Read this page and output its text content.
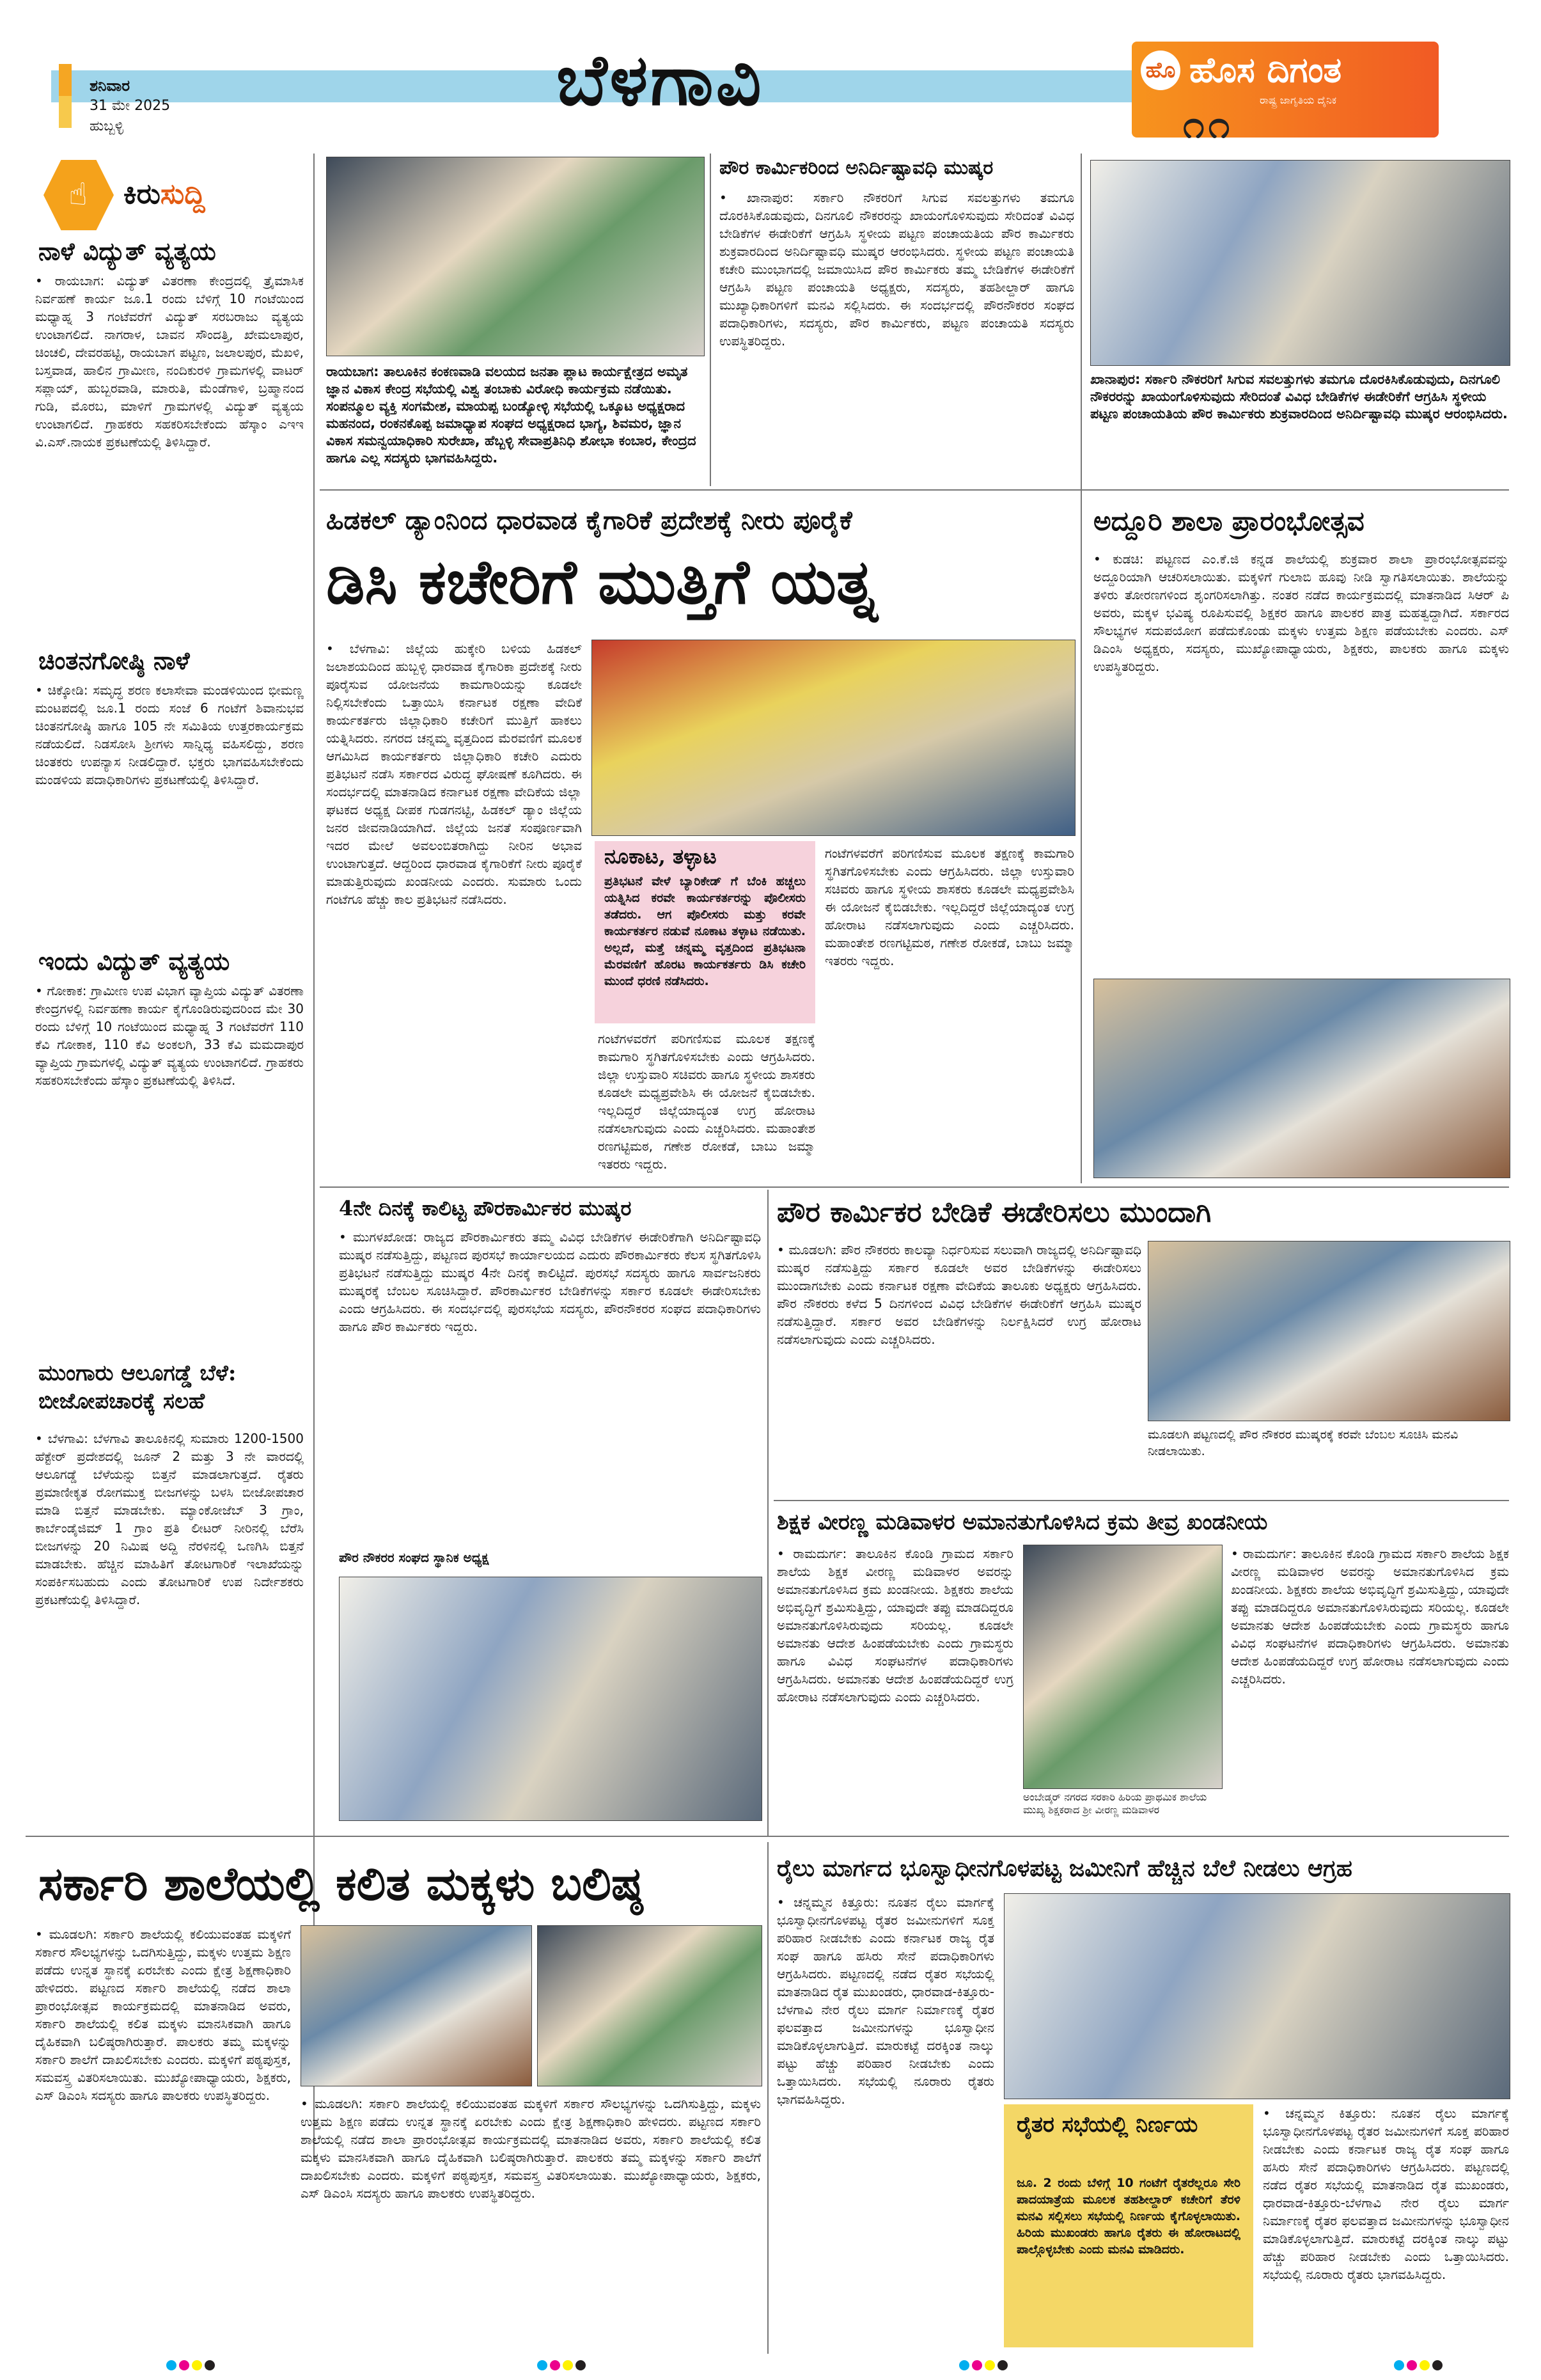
ಶನಿವಾರ
31 ಮೇ 2025
ಹುಬ್ಬಳ್ಳಿ
ಬೆಳಗಾವಿ	ಹೊ ಹೊಸ ದಿಗಂತ
ರಾಷ್ಟ್ರ ಜಾಗೃತಿಯ ದೈನಿಕ
೧೧
☝	ಕಿರುಸುದ್ದಿ
ನಾಳೆ ವಿದ್ಯುತ್ ವ್ಯತ್ಯಯ
• ರಾಯಬಾಗ: ವಿದ್ಯುತ್ ವಿತರಣಾ ಕೇಂದ್ರದಲ್ಲಿ ತ್ರೈಮಾಸಿಕ ನಿರ್ವಹಣೆ ಕಾರ್ಯ ಜೂ.1 ರಂದು ಬೆಳಿಗ್ಗೆ 10 ಗಂಟೆಯಿಂದ ಮಧ್ಯಾಹ್ನ 3 ಗಂಟೆವರೆಗೆ ವಿದ್ಯುತ್ ಸರಬರಾಜು ವ್ಯತ್ಯಯ ಉಂಟಾಗಲಿದೆ. ನಾಗರಾಳ, ಬಾವನ ಸೌಂದತ್ತಿ, ಖೇಮಲಾಪುರ, ಚಿಂಚಲಿ, ದೇವರಹಟ್ಟಿ, ರಾಯಬಾಗ ಪಟ್ಟಣ, ಜಲಾಲಪುರ, ಮೆಖಳಿ, ಬಸ್ತವಾಡ, ಹಾಲಿನ ಗ್ರಾಮೀಣ, ನಂದಿಕುರಳಿ ಗ್ರಾಮಗಳಲ್ಲಿ ವಾಟರ್ ಸಪ್ಲಾಯ್, ಹುಬ್ಬರವಾಡಿ, ಮಾರುತಿ, ಮೆಂಡೆಗಾಳಿ, ಬ್ರಹ್ಮಾನಂದ ಗುಡಿ, ಮೊರಬ, ಮಾಳಿಗೆ ಗ್ರಾಮಗಳಲ್ಲಿ ವಿದ್ಯುತ್ ವ್ಯತ್ಯಯ ಉಂಟಾಗಲಿದೆ. ಗ್ರಾಹಕರು ಸಹಕರಿಸಬೇಕೆಂದು ಹೆಸ್ಕಾಂ ಎಇಇ ವಿ.ಎಸ್.ನಾಯಕ ಪ್ರಕಟಣೆಯಲ್ಲಿ ತಿಳಿಸಿದ್ದಾರೆ.
ಚಿಂತನಗೋಷ್ಠಿ ನಾಳೆ
• ಚಿಕ್ಕೋಡಿ: ಸಮೃದ್ಧ ಶರಣ ಕಲಾಸೇವಾ ಮಂಡಳಿಯಿಂದ ಭೀಮಣ್ಣ ಮಂಟಪದಲ್ಲಿ ಜೂ.1 ರಂದು ಸಂಜೆ 6 ಗಂಟೆಗೆ ಶಿವಾನುಭವ ಚಿಂತನಗೋಷ್ಠಿ ಹಾಗೂ 105 ನೇ ಸಮಿತಿಯ ಉತ್ತರಕಾರ್ಯಕ್ರಮ ನಡೆಯಲಿದೆ. ನಿಡಸೋಸಿ ಶ್ರೀಗಳು ಸಾನ್ನಿಧ್ಯ ವಹಿಸಲಿದ್ದು, ಶರಣ ಚಿಂತಕರು ಉಪನ್ಯಾಸ ನೀಡಲಿದ್ದಾರೆ. ಭಕ್ತರು ಭಾಗವಹಿಸಬೇಕೆಂದು ಮಂಡಳಿಯ ಪದಾಧಿಕಾರಿಗಳು ಪ್ರಕಟಣೆಯಲ್ಲಿ ತಿಳಿಸಿದ್ದಾರೆ.
ಇಂದು ವಿದ್ಯುತ್ ವ್ಯತ್ಯಯ
• ಗೋಕಾಕ: ಗ್ರಾಮೀಣ ಉಪ ವಿಭಾಗ ವ್ಯಾಪ್ತಿಯ ವಿದ್ಯುತ್ ವಿತರಣಾ ಕೇಂದ್ರಗಳಲ್ಲಿ ನಿರ್ವಹಣಾ ಕಾರ್ಯ ಕೈಗೊಂಡಿರುವುದರಿಂದ ಮೇ 30 ರಂದು ಬೆಳಿಗ್ಗೆ 10 ಗಂಟೆಯಿಂದ ಮಧ್ಯಾಹ್ನ 3 ಗಂಟೆವರೆಗೆ 110 ಕೆವಿ ಗೋಕಾಕ, 110 ಕೆವಿ ಅಂಕಲಗಿ, 33 ಕೆವಿ ಮಮದಾಪುರ ವ್ಯಾಪ್ತಿಯ ಗ್ರಾಮಗಳಲ್ಲಿ ವಿದ್ಯುತ್ ವ್ಯತ್ಯಯ ಉಂಟಾಗಲಿದೆ. ಗ್ರಾಹಕರು ಸಹಕರಿಸಬೇಕೆಂದು ಹೆಸ್ಕಾಂ ಪ್ರಕಟಣೆಯಲ್ಲಿ ತಿಳಿಸಿದೆ.
ಮುಂಗಾರು ಆಲೂಗಡ್ಡೆ ಬೆಳೆ: ಬೀಜೋಪಚಾರಕ್ಕೆ ಸಲಹೆ
• ಬೆಳಗಾವಿ: ಬೆಳಗಾವಿ ತಾಲೂಕಿನಲ್ಲಿ ಸುಮಾರು 1200-1500 ಹೆಕ್ಟೇರ್ ಪ್ರದೇಶದಲ್ಲಿ ಜೂನ್ 2 ಮತ್ತು 3 ನೇ ವಾರದಲ್ಲಿ ಆಲೂಗಡ್ಡೆ ಬೆಳೆಯನ್ನು ಬಿತ್ತನೆ ಮಾಡಲಾಗುತ್ತದೆ. ರೈತರು ಪ್ರಮಾಣೀಕೃತ ರೋಗಮುಕ್ತ ಬೀಜಗಳನ್ನು ಬಳಸಿ ಬೀಜೋಪಚಾರ ಮಾಡಿ ಬಿತ್ತನೆ ಮಾಡಬೇಕು. ಮ್ಯಾಂಕೋಜೆಬ್ 3 ಗ್ರಾಂ, ಕಾರ್ಬೆಂಡೈಜಿಮ್ 1 ಗ್ರಾಂ ಪ್ರತಿ ಲೀಟರ್ ನೀರಿನಲ್ಲಿ ಬೆರೆಸಿ ಬೀಜಗಳನ್ನು 20 ನಿಮಿಷ ಅದ್ದಿ ನೆರಳಿನಲ್ಲಿ ಒಣಗಿಸಿ ಬಿತ್ತನೆ ಮಾಡಬೇಕು. ಹೆಚ್ಚಿನ ಮಾಹಿತಿಗೆ ತೋಟಗಾರಿಕೆ ಇಲಾಖೆಯನ್ನು ಸಂಪರ್ಕಿಸಬಹುದು ಎಂದು ತೋಟಗಾರಿಕೆ ಉಪ ನಿರ್ದೇಶಕರು ಪ್ರಕಟಣೆಯಲ್ಲಿ ತಿಳಿಸಿದ್ದಾರೆ.
ರಾಯಬಾಗ: ತಾಲೂಕಿನ ಕಂಕಣವಾಡಿ ವಲಯದ ಜನತಾ ಪ್ಲಾಟ ಕಾರ್ಯಕ್ಷೇತ್ರದ ಅಮೃತ ಜ್ಞಾನ ವಿಕಾಸ ಕೇಂದ್ರ ಸಭೆಯಲ್ಲಿ ವಿಶ್ವ ತಂಬಾಕು ವಿರೋಧಿ ಕಾರ್ಯಕ್ರಮ ನಡೆಯಿತು. ಸಂಪನ್ಮೂಲ ವ್ಯಕ್ತಿ ಸಂಗಮೇಶ, ಮಾಯಪ್ಪ ಬಂಡ್ಯೋಳ್ಳಿ ಸಭೆಯಲ್ಲಿ ಒಕ್ಕೂಟ ಅಧ್ಯಕ್ಷರಾದ ಮಹನಂದ, ರಂಕನಕೊಪ್ಪ ಜಮಾಧ್ಯಾಪ ಸಂಘದ ಅಧ್ಯಕ್ಷರಾದ ಭಾಗ್ಯ, ಶಿವಮರ, ಜ್ಞಾನ ವಿಕಾಸ ಸಮನ್ವಯಾಧಿಕಾರಿ ಸುರೇಖಾ, ಹೆಬ್ಬಳ್ಳಿ ಸೇವಾಪ್ರತಿನಿಧಿ ಶೋಭಾ ಕಂಬಾರ, ಕೇಂದ್ರದ ಹಾಗೂ ಎಲ್ಲ ಸದಸ್ಯರು ಭಾಗವಹಿಸಿದ್ದರು.
ಪೌರ ಕಾರ್ಮಿಕರಿಂದ ಅನಿರ್ದಿಷ್ಟಾವಧಿ ಮುಷ್ಕರ
• ಖಾನಾಪುರ: ಸರ್ಕಾರಿ ನೌಕರರಿಗೆ ಸಿಗುವ ಸವಲತ್ತುಗಳು ತಮಗೂ ದೊರಕಿಸಿಕೊಡುವುದು, ದಿನಗೂಲಿ ನೌಕರರನ್ನು ಖಾಯಂಗೊಳಿಸುವುದು ಸೇರಿದಂತೆ ವಿವಿಧ ಬೇಡಿಕೆಗಳ ಈಡೇರಿಕೆಗೆ ಆಗ್ರಹಿಸಿ ಸ್ಥಳೀಯ ಪಟ್ಟಣ ಪಂಚಾಯತಿಯ ಪೌರ ಕಾರ್ಮಿಕರು ಶುಕ್ರವಾರದಿಂದ ಅನಿರ್ದಿಷ್ಟಾವಧಿ ಮುಷ್ಕರ ಆರಂಭಿಸಿದರು. ಸ್ಥಳೀಯ ಪಟ್ಟಣ ಪಂಚಾಯತಿ ಕಚೇರಿ ಮುಂಭಾಗದಲ್ಲಿ ಜಮಾಯಿಸಿದ ಪೌರ ಕಾರ್ಮಿಕರು ತಮ್ಮ ಬೇಡಿಕೆಗಳ ಈಡೇರಿಕೆಗೆ ಆಗ್ರಹಿಸಿ ಪಟ್ಟಣ ಪಂಚಾಯತಿ ಅಧ್ಯಕ್ಷರು, ಸದಸ್ಯರು, ತಹಶೀಲ್ದಾರ್ ಹಾಗೂ ಮುಖ್ಯಾಧಿಕಾರಿಗಳಿಗೆ ಮನವಿ ಸಲ್ಲಿಸಿದರು. ಈ ಸಂದರ್ಭದಲ್ಲಿ ಪೌರನೌಕರರ ಸಂಘದ ಪದಾಧಿಕಾರಿಗಳು, ಸದಸ್ಯರು, ಪೌರ ಕಾರ್ಮಿಕರು, ಪಟ್ಟಣ ಪಂಚಾಯತಿ ಸದಸ್ಯರು ಉಪಸ್ಥಿತರಿದ್ದರು.
ಖಾನಾಪುರ: ಸರ್ಕಾರಿ ನೌಕರರಿಗೆ ಸಿಗುವ ಸವಲತ್ತುಗಳು ತಮಗೂ ದೊರಕಿಸಿಕೊಡುವುದು, ದಿನಗೂಲಿ ನೌಕರರನ್ನು ಖಾಯಂಗೊಳಿಸುವುದು ಸೇರಿದಂತೆ ವಿವಿಧ ಬೇಡಿಕೆಗಳ ಈಡೇರಿಕೆಗೆ ಆಗ್ರಹಿಸಿ ಸ್ಥಳೀಯ ಪಟ್ಟಣ ಪಂಚಾಯತಿಯ ಪೌರ ಕಾರ್ಮಿಕರು ಶುಕ್ರವಾರದಿಂದ ಅನಿರ್ದಿಷ್ಟಾವಧಿ ಮುಷ್ಕರ ಆರಂಭಿಸಿದರು.
ಹಿಡಕಲ್ ಡ್ಯಾಂನಿಂದ ಧಾರವಾಡ ಕೈಗಾರಿಕೆ ಪ್ರದೇಶಕ್ಕೆ ನೀರು ಪೂರೈಕೆ
ಡಿಸಿ ಕಚೇರಿಗೆ ಮುತ್ತಿಗೆ ಯತ್ನ
• ಬೆಳಗಾವಿ: ಜಿಲ್ಲೆಯ ಹುಕ್ಕೇರಿ ಬಳಿಯ ಹಿಡಕಲ್ ಜಲಾಶಯದಿಂದ ಹುಬ್ಬಳ್ಳಿ ಧಾರವಾಡ ಕೈಗಾರಿಕಾ ಪ್ರದೇಶಕ್ಕೆ ನೀರು ಪೂರೈಸುವ ಯೋಜನೆಯ ಕಾಮಗಾರಿಯನ್ನು ಕೂಡಲೇ ನಿಲ್ಲಿಸಬೇಕೆಂದು ಒತ್ತಾಯಿಸಿ ಕರ್ನಾಟಕ ರಕ್ಷಣಾ ವೇದಿಕೆ ಕಾರ್ಯಕರ್ತರು ಜಿಲ್ಲಾಧಿಕಾರಿ ಕಚೇರಿಗೆ ಮುತ್ತಿಗೆ ಹಾಕಲು ಯತ್ನಿಸಿದರು. ನಗರದ ಚನ್ನಮ್ಮ ವೃತ್ತದಿಂದ ಮೆರವಣಿಗೆ ಮೂಲಕ ಆಗಮಿಸಿದ ಕಾರ್ಯಕರ್ತರು ಜಿಲ್ಲಾಧಿಕಾರಿ ಕಚೇರಿ ಎದುರು ಪ್ರತಿಭಟನೆ ನಡೆಸಿ ಸರ್ಕಾರದ ವಿರುದ್ಧ ಘೋಷಣೆ ಕೂಗಿದರು. ಈ ಸಂದರ್ಭದಲ್ಲಿ ಮಾತನಾಡಿದ ಕರ್ನಾಟಕ ರಕ್ಷಣಾ ವೇದಿಕೆಯ ಜಿಲ್ಲಾ ಘಟಕದ ಅಧ್ಯಕ್ಷ ದೀಪಕ ಗುಡಗನಟ್ಟಿ, ಹಿಡಕಲ್ ಡ್ಯಾಂ ಜಿಲ್ಲೆಯ ಜನರ ಜೀವನಾಡಿಯಾಗಿದೆ. ಜಿಲ್ಲೆಯ ಜನತೆ ಸಂಪೂರ್ಣವಾಗಿ ಇದರ ಮೇಲೆ ಅವಲಂಬಿತರಾಗಿದ್ದು ನೀರಿನ ಅಭಾವ ಉಂಟಾಗುತ್ತದೆ. ಆದ್ದರಿಂದ ಧಾರವಾಡ ಕೈಗಾರಿಕೆಗೆ ನೀರು ಪೂರೈಕೆ ಮಾಡುತ್ತಿರುವುದು ಖಂಡನೀಯ ಎಂದರು. ಸುಮಾರು ಒಂದು ಗಂಟೆಗೂ ಹೆಚ್ಚು ಕಾಲ ಪ್ರತಿಭಟನೆ ನಡೆಸಿದರು.
ನೂಕಾಟ, ತಳ್ಳಾಟ
ಪ್ರತಿಭಟನೆ ವೇಳೆ ಬ್ಯಾರಿಕೇಡ್ ಗೆ ಬೆಂಕಿ ಹಚ್ಚಲು ಯತ್ನಿಸಿದ ಕರವೇ ಕಾರ್ಯಕರ್ತರನ್ನು ಪೊಲೀಸರು ತಡೆದರು. ಆಗ ಪೊಲೀಸರು ಮತ್ತು ಕರವೇ ಕಾರ್ಯಕರ್ತರ ನಡುವೆ ನೂಕಾಟ ತಳ್ಳಾಟ ನಡೆಯಿತು. ಅಲ್ಲದೆ, ಮತ್ತೆ ಚನ್ನಮ್ಮ ವೃತ್ತದಿಂದ ಪ್ರತಿಭಟನಾ ಮೆರವಣಿಗೆ ಹೊರಟ ಕಾರ್ಯಕರ್ತರು ಡಿಸಿ ಕಚೇರಿ ಮುಂದೆ ಧರಣಿ ನಡೆಸಿದರು.
ಗಂಟೆಗಳವರೆಗೆ ಪರಿಗಣಿಸುವ ಮೂಲಕ ತಕ್ಷಣಕ್ಕೆ ಕಾಮಗಾರಿ ಸ್ಥಗಿತಗೊಳಿಸಬೇಕು ಎಂದು ಆಗ್ರಹಿಸಿದರು. ಜಿಲ್ಲಾ ಉಸ್ತುವಾರಿ ಸಚಿವರು ಹಾಗೂ ಸ್ಥಳೀಯ ಶಾಸಕರು ಕೂಡಲೇ ಮಧ್ಯಪ್ರವೇಶಿಸಿ ಈ ಯೋಜನೆ ಕೈಬಿಡಬೇಕು. ಇಲ್ಲದಿದ್ದರೆ ಜಿಲ್ಲೆಯಾದ್ಯಂತ ಉಗ್ರ ಹೋರಾಟ ನಡೆಸಲಾಗುವುದು ಎಂದು ಎಚ್ಚರಿಸಿದರು. ಮಹಾಂತೇಶ ರಣಗಟ್ಟಿಮಠ, ಗಣೇಶ ರೋಕಡೆ, ಬಾಬು ಜಮ್ಮಾ ಇತರರು ಇದ್ದರು.
ಗಂಟೆಗಳವರೆಗೆ ಪರಿಗಣಿಸುವ ಮೂಲಕ ತಕ್ಷಣಕ್ಕೆ ಕಾಮಗಾರಿ ಸ್ಥಗಿತಗೊಳಿಸಬೇಕು ಎಂದು ಆಗ್ರಹಿಸಿದರು. ಜಿಲ್ಲಾ ಉಸ್ತುವಾರಿ ಸಚಿವರು ಹಾಗೂ ಸ್ಥಳೀಯ ಶಾಸಕರು ಕೂಡಲೇ ಮಧ್ಯಪ್ರವೇಶಿಸಿ ಈ ಯೋಜನೆ ಕೈಬಿಡಬೇಕು. ಇಲ್ಲದಿದ್ದರೆ ಜಿಲ್ಲೆಯಾದ್ಯಂತ ಉಗ್ರ ಹೋರಾಟ ನಡೆಸಲಾಗುವುದು ಎಂದು ಎಚ್ಚರಿಸಿದರು. ಮಹಾಂತೇಶ ರಣಗಟ್ಟಿಮಠ, ಗಣೇಶ ರೋಕಡೆ, ಬಾಬು ಜಮ್ಮಾ ಇತರರು ಇದ್ದರು.
ಅದ್ದೂರಿ ಶಾಲಾ ಪ್ರಾರಂಭೋತ್ಸವ
• ಕುಡಚಿ: ಪಟ್ಟಣದ ಎಂ.ಕೆ.ಜಿ ಕನ್ನಡ ಶಾಲೆಯಲ್ಲಿ ಶುಕ್ರವಾರ ಶಾಲಾ ಪ್ರಾರಂಭೋತ್ಸವವನ್ನು ಅದ್ದೂರಿಯಾಗಿ ಆಚರಿಸಲಾಯಿತು. ಮಕ್ಕಳಿಗೆ ಗುಲಾಬಿ ಹೂವು ನೀಡಿ ಸ್ವಾಗತಿಸಲಾಯಿತು. ಶಾಲೆಯನ್ನು ತಳಿರು ತೋರಣಗಳಿಂದ ಶೃಂಗರಿಸಲಾಗಿತ್ತು. ನಂತರ ನಡೆದ ಕಾರ್ಯಕ್ರಮದಲ್ಲಿ ಮಾತನಾಡಿದ ಸಿಆರ್ ಪಿ ಅವರು, ಮಕ್ಕಳ ಭವಿಷ್ಯ ರೂಪಿಸುವಲ್ಲಿ ಶಿಕ್ಷಕರ ಹಾಗೂ ಪಾಲಕರ ಪಾತ್ರ ಮಹತ್ವದ್ದಾಗಿದೆ. ಸರ್ಕಾರದ ಸೌಲಭ್ಯಗಳ ಸದುಪಯೋಗ ಪಡೆದುಕೊಂಡು ಮಕ್ಕಳು ಉತ್ತಮ ಶಿಕ್ಷಣ ಪಡೆಯಬೇಕು ಎಂದರು. ಎಸ್ ಡಿಎಂಸಿ ಅಧ್ಯಕ್ಷರು, ಸದಸ್ಯರು, ಮುಖ್ಯೋಪಾಧ್ಯಾಯರು, ಶಿಕ್ಷಕರು, ಪಾಲಕರು ಹಾಗೂ ಮಕ್ಕಳು ಉಪಸ್ಥಿತರಿದ್ದರು.
4ನೇ ದಿನಕ್ಕೆ ಕಾಲಿಟ್ಟ ಪೌರಕಾರ್ಮಿಕರ ಮುಷ್ಕರ
• ಮುಗಳಖೋಡ: ರಾಜ್ಯದ ಪೌರಕಾರ್ಮಿಕರು ತಮ್ಮ ವಿವಿಧ ಬೇಡಿಕೆಗಳ ಈಡೇರಿಕೆಗಾಗಿ ಅನಿರ್ದಿಷ್ಟಾವಧಿ ಮುಷ್ಕರ ನಡೆಸುತ್ತಿದ್ದು, ಪಟ್ಟಣದ ಪುರಸಭೆ ಕಾರ್ಯಾಲಯದ ಎದುರು ಪೌರಕಾರ್ಮಿಕರು ಕೆಲಸ ಸ್ಥಗಿತಗೊಳಿಸಿ ಪ್ರತಿಭಟನೆ ನಡೆಸುತ್ತಿದ್ದು ಮುಷ್ಕರ 4ನೇ ದಿನಕ್ಕೆ ಕಾಲಿಟ್ಟಿದೆ. ಪುರಸಭೆ ಸದಸ್ಯರು ಹಾಗೂ ಸಾರ್ವಜನಿಕರು ಮುಷ್ಕರಕ್ಕೆ ಬೆಂಬಲ ಸೂಚಿಸಿದ್ದಾರೆ. ಪೌರಕಾರ್ಮಿಕರ ಬೇಡಿಕೆಗಳನ್ನು ಸರ್ಕಾರ ಕೂಡಲೇ ಈಡೇರಿಸಬೇಕು ಎಂದು ಆಗ್ರಹಿಸಿದರು. ಈ ಸಂದರ್ಭದಲ್ಲಿ ಪುರಸಭೆಯ ಸದಸ್ಯರು, ಪೌರನೌಕರರ ಸಂಘದ ಪದಾಧಿಕಾರಿಗಳು ಹಾಗೂ ಪೌರ ಕಾರ್ಮಿಕರು ಇದ್ದರು.
ಪೌರ ನೌಕರರ ಸಂಘದ ಸ್ಥಾನಿಕ ಅಧ್ಯಕ್ಷ
ಪೌರ ಕಾರ್ಮಿಕರ ಬೇಡಿಕೆ ಈಡೇರಿಸಲು ಮುಂದಾಗಿ
• ಮೂಡಲಗಿ: ಪೌರ ನೌಕರರು ಕಾಲವ್ಯಾ ನಿರ್ಧರಿಸುವ ಸಲುವಾಗಿ ರಾಜ್ಯದಲ್ಲಿ ಅನಿರ್ದಿಷ್ಟಾವಧಿ ಮುಷ್ಕರ ನಡೆಸುತ್ತಿದ್ದು ಸರ್ಕಾರ ಕೂಡಲೇ ಅವರ ಬೇಡಿಕೆಗಳನ್ನು ಈಡೇರಿಸಲು ಮುಂದಾಗಬೇಕು ಎಂದು ಕರ್ನಾಟಕ ರಕ್ಷಣಾ ವೇದಿಕೆಯ ತಾಲೂಕು ಅಧ್ಯಕ್ಷರು ಆಗ್ರಹಿಸಿದರು. ಪೌರ ನೌಕರರು ಕಳೆದ 5 ದಿನಗಳಿಂದ ವಿವಿಧ ಬೇಡಿಕೆಗಳ ಈಡೇರಿಕೆಗೆ ಆಗ್ರಹಿಸಿ ಮುಷ್ಕರ ನಡೆಸುತ್ತಿದ್ದಾರೆ. ಸರ್ಕಾರ ಅವರ ಬೇಡಿಕೆಗಳನ್ನು ನಿರ್ಲಕ್ಷಿಸಿದರೆ ಉಗ್ರ ಹೋರಾಟ ನಡೆಸಲಾಗುವುದು ಎಂದು ಎಚ್ಚರಿಸಿದರು.
ಮೂಡಲಗಿ ಪಟ್ಟಣದಲ್ಲಿ ಪೌರ ನೌಕರರ ಮುಷ್ಕರಕ್ಕೆ ಕರವೇ ಬೆಂಬಲ ಸೂಚಿಸಿ ಮನವಿ ನೀಡಲಾಯಿತು.
ಶಿಕ್ಷಕ ವೀರಣ್ಣ ಮಡಿವಾಳರ ಅಮಾನತುಗೊಳಿಸಿದ ಕ್ರಮ ತೀವ್ರ ಖಂಡನೀಯ
• ರಾಮದುರ್ಗ: ತಾಲೂಕಿನ ಕೊಂಡಿ ಗ್ರಾಮದ ಸರ್ಕಾರಿ ಶಾಲೆಯ ಶಿಕ್ಷಕ ವೀರಣ್ಣ ಮಡಿವಾಳರ ಅವರನ್ನು ಅಮಾನತುಗೊಳಿಸಿದ ಕ್ರಮ ಖಂಡನೀಯ. ಶಿಕ್ಷಕರು ಶಾಲೆಯ ಅಭಿವೃದ್ಧಿಗೆ ಶ್ರಮಿಸುತ್ತಿದ್ದು, ಯಾವುದೇ ತಪ್ಪು ಮಾಡದಿದ್ದರೂ ಅಮಾನತುಗೊಳಿಸಿರುವುದು ಸರಿಯಲ್ಲ. ಕೂಡಲೇ ಅಮಾನತು ಆದೇಶ ಹಿಂಪಡೆಯಬೇಕು ಎಂದು ಗ್ರಾಮಸ್ಥರು ಹಾಗೂ ವಿವಿಧ ಸಂಘಟನೆಗಳ ಪದಾಧಿಕಾರಿಗಳು ಆಗ್ರಹಿಸಿದರು. ಅಮಾನತು ಆದೇಶ ಹಿಂಪಡೆಯದಿದ್ದರೆ ಉಗ್ರ ಹೋರಾಟ ನಡೆಸಲಾಗುವುದು ಎಂದು ಎಚ್ಚರಿಸಿದರು.
ಅಂಬೇಡ್ಕರ್ ನಗರದ ಸರಕಾರಿ ಹಿರಿಯ ಪ್ರಾಥಮಿಕ ಶಾಲೆಯ ಮುಖ್ಯ ಶಿಕ್ಷಕರಾದ ಶ್ರೀ ವೀರಣ್ಣ ಮಡಿವಾಳರ
• ರಾಮದುರ್ಗ: ತಾಲೂಕಿನ ಕೊಂಡಿ ಗ್ರಾಮದ ಸರ್ಕಾರಿ ಶಾಲೆಯ ಶಿಕ್ಷಕ ವೀರಣ್ಣ ಮಡಿವಾಳರ ಅವರನ್ನು ಅಮಾನತುಗೊಳಿಸಿದ ಕ್ರಮ ಖಂಡನೀಯ. ಶಿಕ್ಷಕರು ಶಾಲೆಯ ಅಭಿವೃದ್ಧಿಗೆ ಶ್ರಮಿಸುತ್ತಿದ್ದು, ಯಾವುದೇ ತಪ್ಪು ಮಾಡದಿದ್ದರೂ ಅಮಾನತುಗೊಳಿಸಿರುವುದು ಸರಿಯಲ್ಲ. ಕೂಡಲೇ ಅಮಾನತು ಆದೇಶ ಹಿಂಪಡೆಯಬೇಕು ಎಂದು ಗ್ರಾಮಸ್ಥರು ಹಾಗೂ ವಿವಿಧ ಸಂಘಟನೆಗಳ ಪದಾಧಿಕಾರಿಗಳು ಆಗ್ರಹಿಸಿದರು. ಅಮಾನತು ಆದೇಶ ಹಿಂಪಡೆಯದಿದ್ದರೆ ಉಗ್ರ ಹೋರಾಟ ನಡೆಸಲಾಗುವುದು ಎಂದು ಎಚ್ಚರಿಸಿದರು.
ಸರ್ಕಾರಿ ಶಾಲೆಯಲ್ಲಿ ಕಲಿತ ಮಕ್ಕಳು ಬಲಿಷ್ಠ
• ಮೂಡಲಗಿ: ಸರ್ಕಾರಿ ಶಾಲೆಯಲ್ಲಿ ಕಲಿಯುವಂತಹ ಮಕ್ಕಳಿಗೆ ಸರ್ಕಾರ ಸೌಲಭ್ಯಗಳನ್ನು ಒದಗಿಸುತ್ತಿದ್ದು, ಮಕ್ಕಳು ಉತ್ತಮ ಶಿಕ್ಷಣ ಪಡೆದು ಉನ್ನತ ಸ್ಥಾನಕ್ಕೆ ಏರಬೇಕು ಎಂದು ಕ್ಷೇತ್ರ ಶಿಕ್ಷಣಾಧಿಕಾರಿ ಹೇಳಿದರು. ಪಟ್ಟಣದ ಸರ್ಕಾರಿ ಶಾಲೆಯಲ್ಲಿ ನಡೆದ ಶಾಲಾ ಪ್ರಾರಂಭೋತ್ಸವ ಕಾರ್ಯಕ್ರಮದಲ್ಲಿ ಮಾತನಾಡಿದ ಅವರು, ಸರ್ಕಾರಿ ಶಾಲೆಯಲ್ಲಿ ಕಲಿತ ಮಕ್ಕಳು ಮಾನಸಿಕವಾಗಿ ಹಾಗೂ ದೈಹಿಕವಾಗಿ ಬಲಿಷ್ಠರಾಗಿರುತ್ತಾರೆ. ಪಾಲಕರು ತಮ್ಮ ಮಕ್ಕಳನ್ನು ಸರ್ಕಾರಿ ಶಾಲೆಗೆ ದಾಖಲಿಸಬೇಕು ಎಂದರು. ಮಕ್ಕಳಿಗೆ ಪಠ್ಯಪುಸ್ತಕ, ಸಮವಸ್ತ್ರ ವಿತರಿಸಲಾಯಿತು. ಮುಖ್ಯೋಪಾಧ್ಯಾಯರು, ಶಿಕ್ಷಕರು, ಎಸ್ ಡಿಎಂಸಿ ಸದಸ್ಯರು ಹಾಗೂ ಪಾಲಕರು ಉಪಸ್ಥಿತರಿದ್ದರು.
• ಮೂಡಲಗಿ: ಸರ್ಕಾರಿ ಶಾಲೆಯಲ್ಲಿ ಕಲಿಯುವಂತಹ ಮಕ್ಕಳಿಗೆ ಸರ್ಕಾರ ಸೌಲಭ್ಯಗಳನ್ನು ಒದಗಿಸುತ್ತಿದ್ದು, ಮಕ್ಕಳು ಉತ್ತಮ ಶಿಕ್ಷಣ ಪಡೆದು ಉನ್ನತ ಸ್ಥಾನಕ್ಕೆ ಏರಬೇಕು ಎಂದು ಕ್ಷೇತ್ರ ಶಿಕ್ಷಣಾಧಿಕಾರಿ ಹೇಳಿದರು. ಪಟ್ಟಣದ ಸರ್ಕಾರಿ ಶಾಲೆಯಲ್ಲಿ ನಡೆದ ಶಾಲಾ ಪ್ರಾರಂಭೋತ್ಸವ ಕಾರ್ಯಕ್ರಮದಲ್ಲಿ ಮಾತನಾಡಿದ ಅವರು, ಸರ್ಕಾರಿ ಶಾಲೆಯಲ್ಲಿ ಕಲಿತ ಮಕ್ಕಳು ಮಾನಸಿಕವಾಗಿ ಹಾಗೂ ದೈಹಿಕವಾಗಿ ಬಲಿಷ್ಠರಾಗಿರುತ್ತಾರೆ. ಪಾಲಕರು ತಮ್ಮ ಮಕ್ಕಳನ್ನು ಸರ್ಕಾರಿ ಶಾಲೆಗೆ ದಾಖಲಿಸಬೇಕು ಎಂದರು. ಮಕ್ಕಳಿಗೆ ಪಠ್ಯಪುಸ್ತಕ, ಸಮವಸ್ತ್ರ ವಿತರಿಸಲಾಯಿತು. ಮುಖ್ಯೋಪಾಧ್ಯಾಯರು, ಶಿಕ್ಷಕರು, ಎಸ್ ಡಿಎಂಸಿ ಸದಸ್ಯರು ಹಾಗೂ ಪಾಲಕರು ಉಪಸ್ಥಿತರಿದ್ದರು.
ರೈಲು ಮಾರ್ಗದ ಭೂಸ್ವಾಧೀನಗೊಳಪಟ್ಟ ಜಮೀನಿಗೆ ಹೆಚ್ಚಿನ ಬೆಲೆ ನೀಡಲು ಆಗ್ರಹ
• ಚನ್ನಮ್ಮನ ಕಿತ್ತೂರು: ನೂತನ ರೈಲು ಮಾರ್ಗಕ್ಕೆ ಭೂಸ್ವಾಧೀನಗೊಳಪಟ್ಟ ರೈತರ ಜಮೀನುಗಳಿಗೆ ಸೂಕ್ತ ಪರಿಹಾರ ನೀಡಬೇಕು ಎಂದು ಕರ್ನಾಟಕ ರಾಜ್ಯ ರೈತ ಸಂಘ ಹಾಗೂ ಹಸಿರು ಸೇನೆ ಪದಾಧಿಕಾರಿಗಳು ಆಗ್ರಹಿಸಿದರು. ಪಟ್ಟಣದಲ್ಲಿ ನಡೆದ ರೈತರ ಸಭೆಯಲ್ಲಿ ಮಾತನಾಡಿದ ರೈತ ಮುಖಂಡರು, ಧಾರವಾಡ-ಕಿತ್ತೂರು-ಬೆಳಗಾವಿ ನೇರ ರೈಲು ಮಾರ್ಗ ನಿರ್ಮಾಣಕ್ಕೆ ರೈತರ ಫಲವತ್ತಾದ ಜಮೀನುಗಳನ್ನು ಭೂಸ್ವಾಧೀನ ಮಾಡಿಕೊಳ್ಳಲಾಗುತ್ತಿದೆ. ಮಾರುಕಟ್ಟೆ ದರಕ್ಕಿಂತ ನಾಲ್ಕು ಪಟ್ಟು ಹೆಚ್ಚು ಪರಿಹಾರ ನೀಡಬೇಕು ಎಂದು ಒತ್ತಾಯಿಸಿದರು. ಸಭೆಯಲ್ಲಿ ನೂರಾರು ರೈತರು ಭಾಗವಹಿಸಿದ್ದರು.
ರೈತರ ಸಭೆಯಲ್ಲಿ ನಿರ್ಣಯ
ಜೂ. 2 ರಂದು ಬೆಳಿಗ್ಗೆ 10 ಗಂಟೆಗೆ ರೈತರೆಲ್ಲರೂ ಸೇರಿ ಪಾದಯಾತ್ರೆಯ ಮೂಲಕ ತಹಶೀಲ್ದಾರ್ ಕಚೇರಿಗೆ ತೆರಳಿ ಮನವಿ ಸಲ್ಲಿಸಲು ಸಭೆಯಲ್ಲಿ ನಿರ್ಣಯ ಕೈಗೊಳ್ಳಲಾಯಿತು. ಹಿರಿಯ ಮುಖಂಡರು ಹಾಗೂ ರೈತರು ಈ ಹೋರಾಟದಲ್ಲಿ ಪಾಲ್ಗೊಳ್ಳಬೇಕು ಎಂದು ಮನವಿ ಮಾಡಿದರು.
• ಚನ್ನಮ್ಮನ ಕಿತ್ತೂರು: ನೂತನ ರೈಲು ಮಾರ್ಗಕ್ಕೆ ಭೂಸ್ವಾಧೀನಗೊಳಪಟ್ಟ ರೈತರ ಜಮೀನುಗಳಿಗೆ ಸೂಕ್ತ ಪರಿಹಾರ ನೀಡಬೇಕು ಎಂದು ಕರ್ನಾಟಕ ರಾಜ್ಯ ರೈತ ಸಂಘ ಹಾಗೂ ಹಸಿರು ಸೇನೆ ಪದಾಧಿಕಾರಿಗಳು ಆಗ್ರಹಿಸಿದರು. ಪಟ್ಟಣದಲ್ಲಿ ನಡೆದ ರೈತರ ಸಭೆಯಲ್ಲಿ ಮಾತನಾಡಿದ ರೈತ ಮುಖಂಡರು, ಧಾರವಾಡ-ಕಿತ್ತೂರು-ಬೆಳಗಾವಿ ನೇರ ರೈಲು ಮಾರ್ಗ ನಿರ್ಮಾಣಕ್ಕೆ ರೈತರ ಫಲವತ್ತಾದ ಜಮೀನುಗಳನ್ನು ಭೂಸ್ವಾಧೀನ ಮಾಡಿಕೊಳ್ಳಲಾಗುತ್ತಿದೆ. ಮಾರುಕಟ್ಟೆ ದರಕ್ಕಿಂತ ನಾಲ್ಕು ಪಟ್ಟು ಹೆಚ್ಚು ಪರಿಹಾರ ನೀಡಬೇಕು ಎಂದು ಒತ್ತಾಯಿಸಿದರು. ಸಭೆಯಲ್ಲಿ ನೂರಾರು ರೈತರು ಭಾಗವಹಿಸಿದ್ದರು.
